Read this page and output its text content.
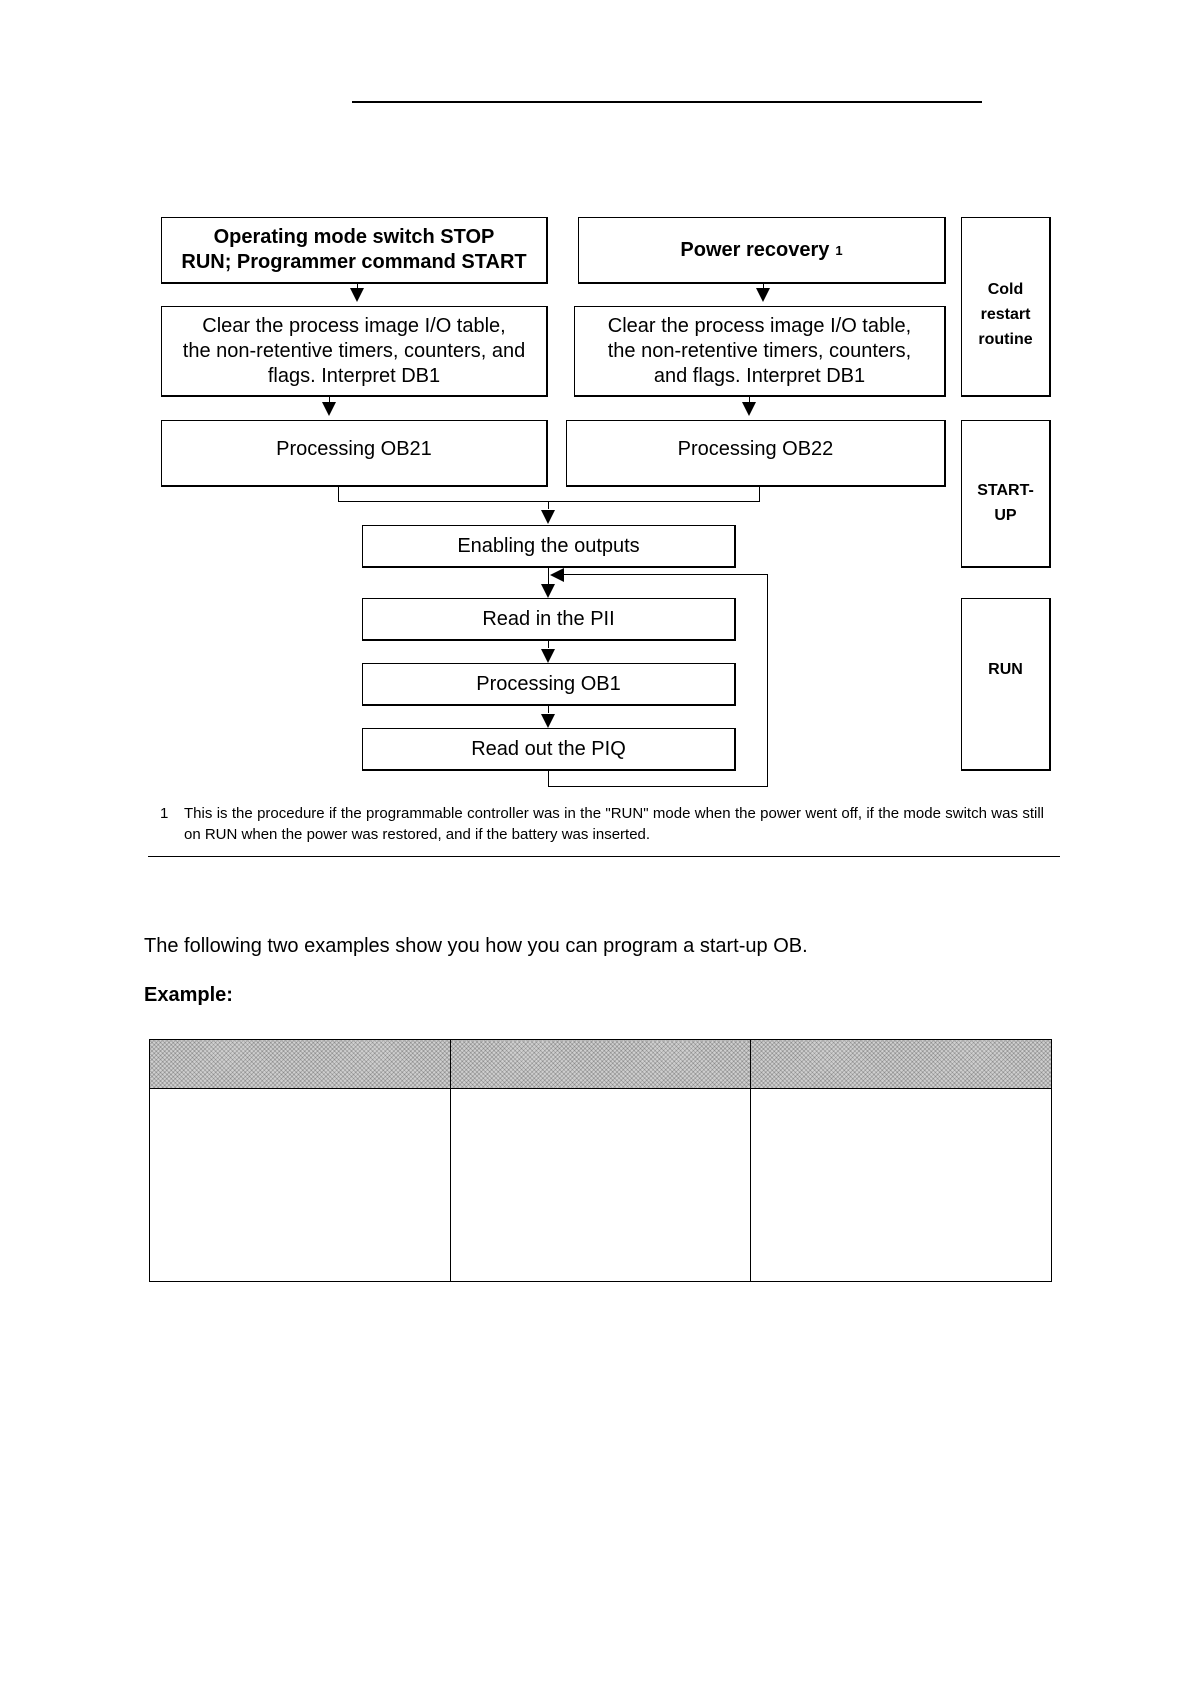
Operating mode switch STOP
RUN; Programmer command START
Clear the process image I/O table,
the non-retentive timers, counters, and
flags. Interpret DB1
Processing OB21
Power recovery 1
Clear the process image I/O table,
the non-retentive timers, counters,
and flags. Interpret DB1
Processing OB22
Enabling the outputs
Read in the PII
Processing OB1
Read out the PIQ
Cold
restart
routine
START-
UP
RUN
1 This is the procedure if the programmable controller was in the "RUN" mode when the power went off, if the mode switch was still on RUN when the power was restored, and if the battery was inserted.
The following two examples show you how you can program a start-up OB.
Example:
